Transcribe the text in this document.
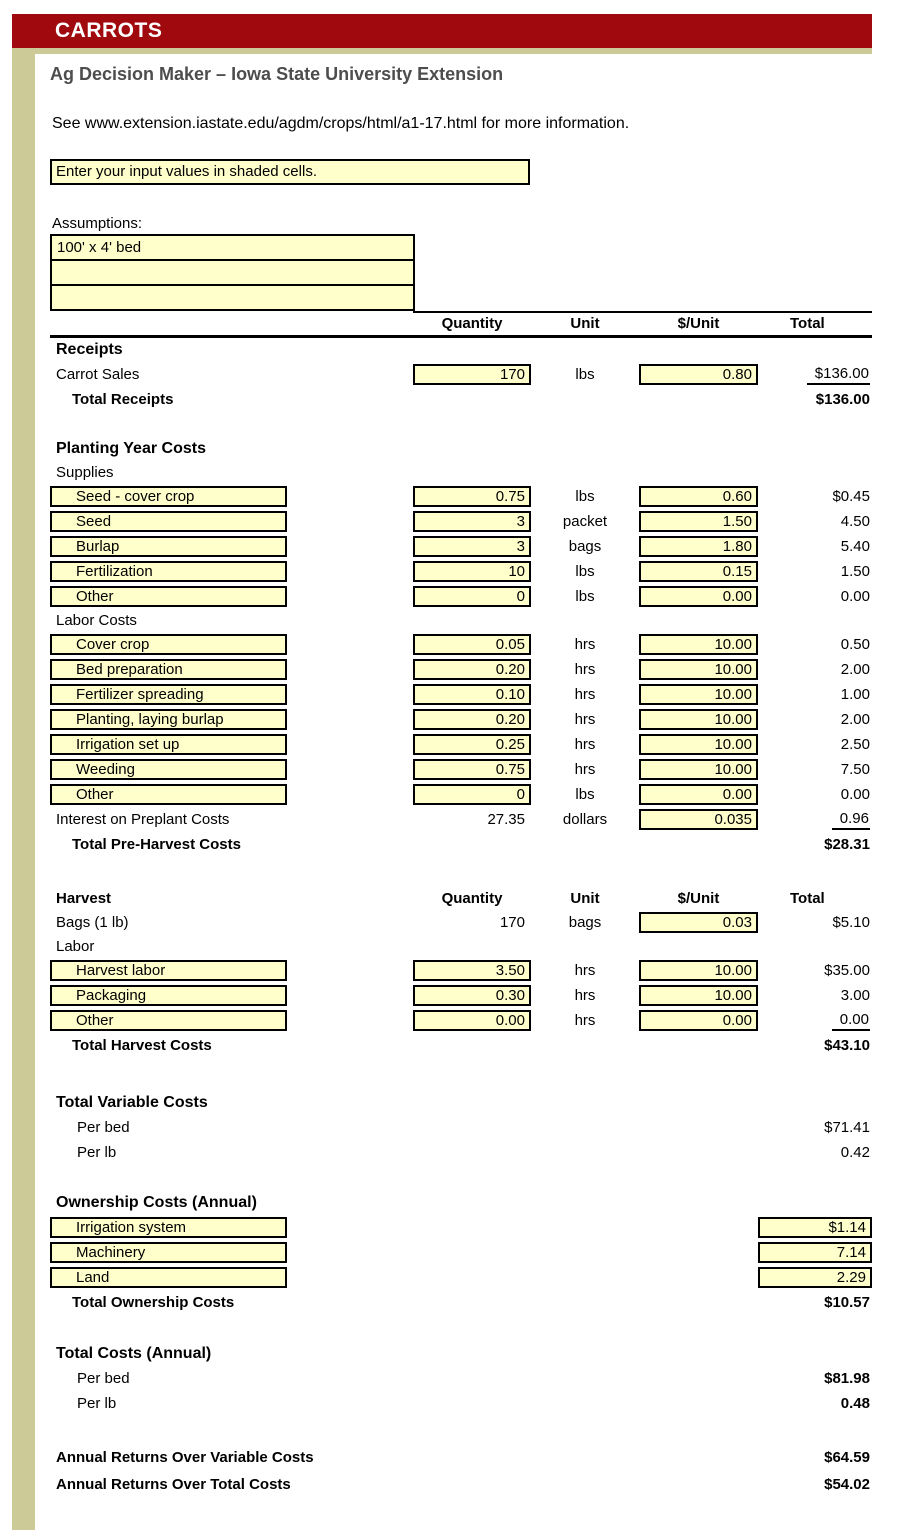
CARROTS
Ag Decision Maker – Iowa State University Extension
See www.extension.iastate.edu/agdm/crops/html/a1-17.html for more information.
Enter your input values in shaded cells.
Assumptions:
100' x 4' bed
Quantity	Unit	$/Unit	Total
Receipts
Carrot Sales	170	lbs	0.80	$136.00
Total Receipts	$136.00
Planting Year Costs
Supplies
Seed - cover crop	0.75	lbs	0.60	$0.45
Seed	3	packet	1.50	4.50
Burlap	3	bags	1.80	5.40
Fertilization	10	lbs	0.15	1.50
Other	0	lbs	0.00	0.00
Labor Costs
Cover crop	0.05	hrs	10.00	0.50
Bed preparation	0.20	hrs	10.00	2.00
Fertilizer spreading	0.10	hrs	10.00	1.00
Planting, laying burlap	0.20	hrs	10.00	2.00
Irrigation set up	0.25	hrs	10.00	2.50
Weeding	0.75	hrs	10.00	7.50
Other	0	lbs	0.00	0.00
Interest on Preplant Costs	27.35	dollars	0.035	0.96
Total Pre-Harvest Costs	$28.31
Harvest	Quantity	Unit	$/Unit	Total
Bags (1 lb)	170	bags	0.03	$5.10
Labor
Harvest labor	3.50	hrs	10.00	$35.00
Packaging	0.30	hrs	10.00	3.00
Other	0.00	hrs	0.00	0.00
Total Harvest Costs	$43.10
Total Variable Costs
Per bed	$71.41
Per lb	0.42
Ownership Costs (Annual)
Irrigation system	$1.14
Machinery	7.14
Land	2.29
Total Ownership Costs	$10.57
Total Costs (Annual)
Per bed	$81.98
Per lb	0.48
Annual Returns Over Variable Costs	$64.59
Annual Returns Over Total Costs	$54.02
